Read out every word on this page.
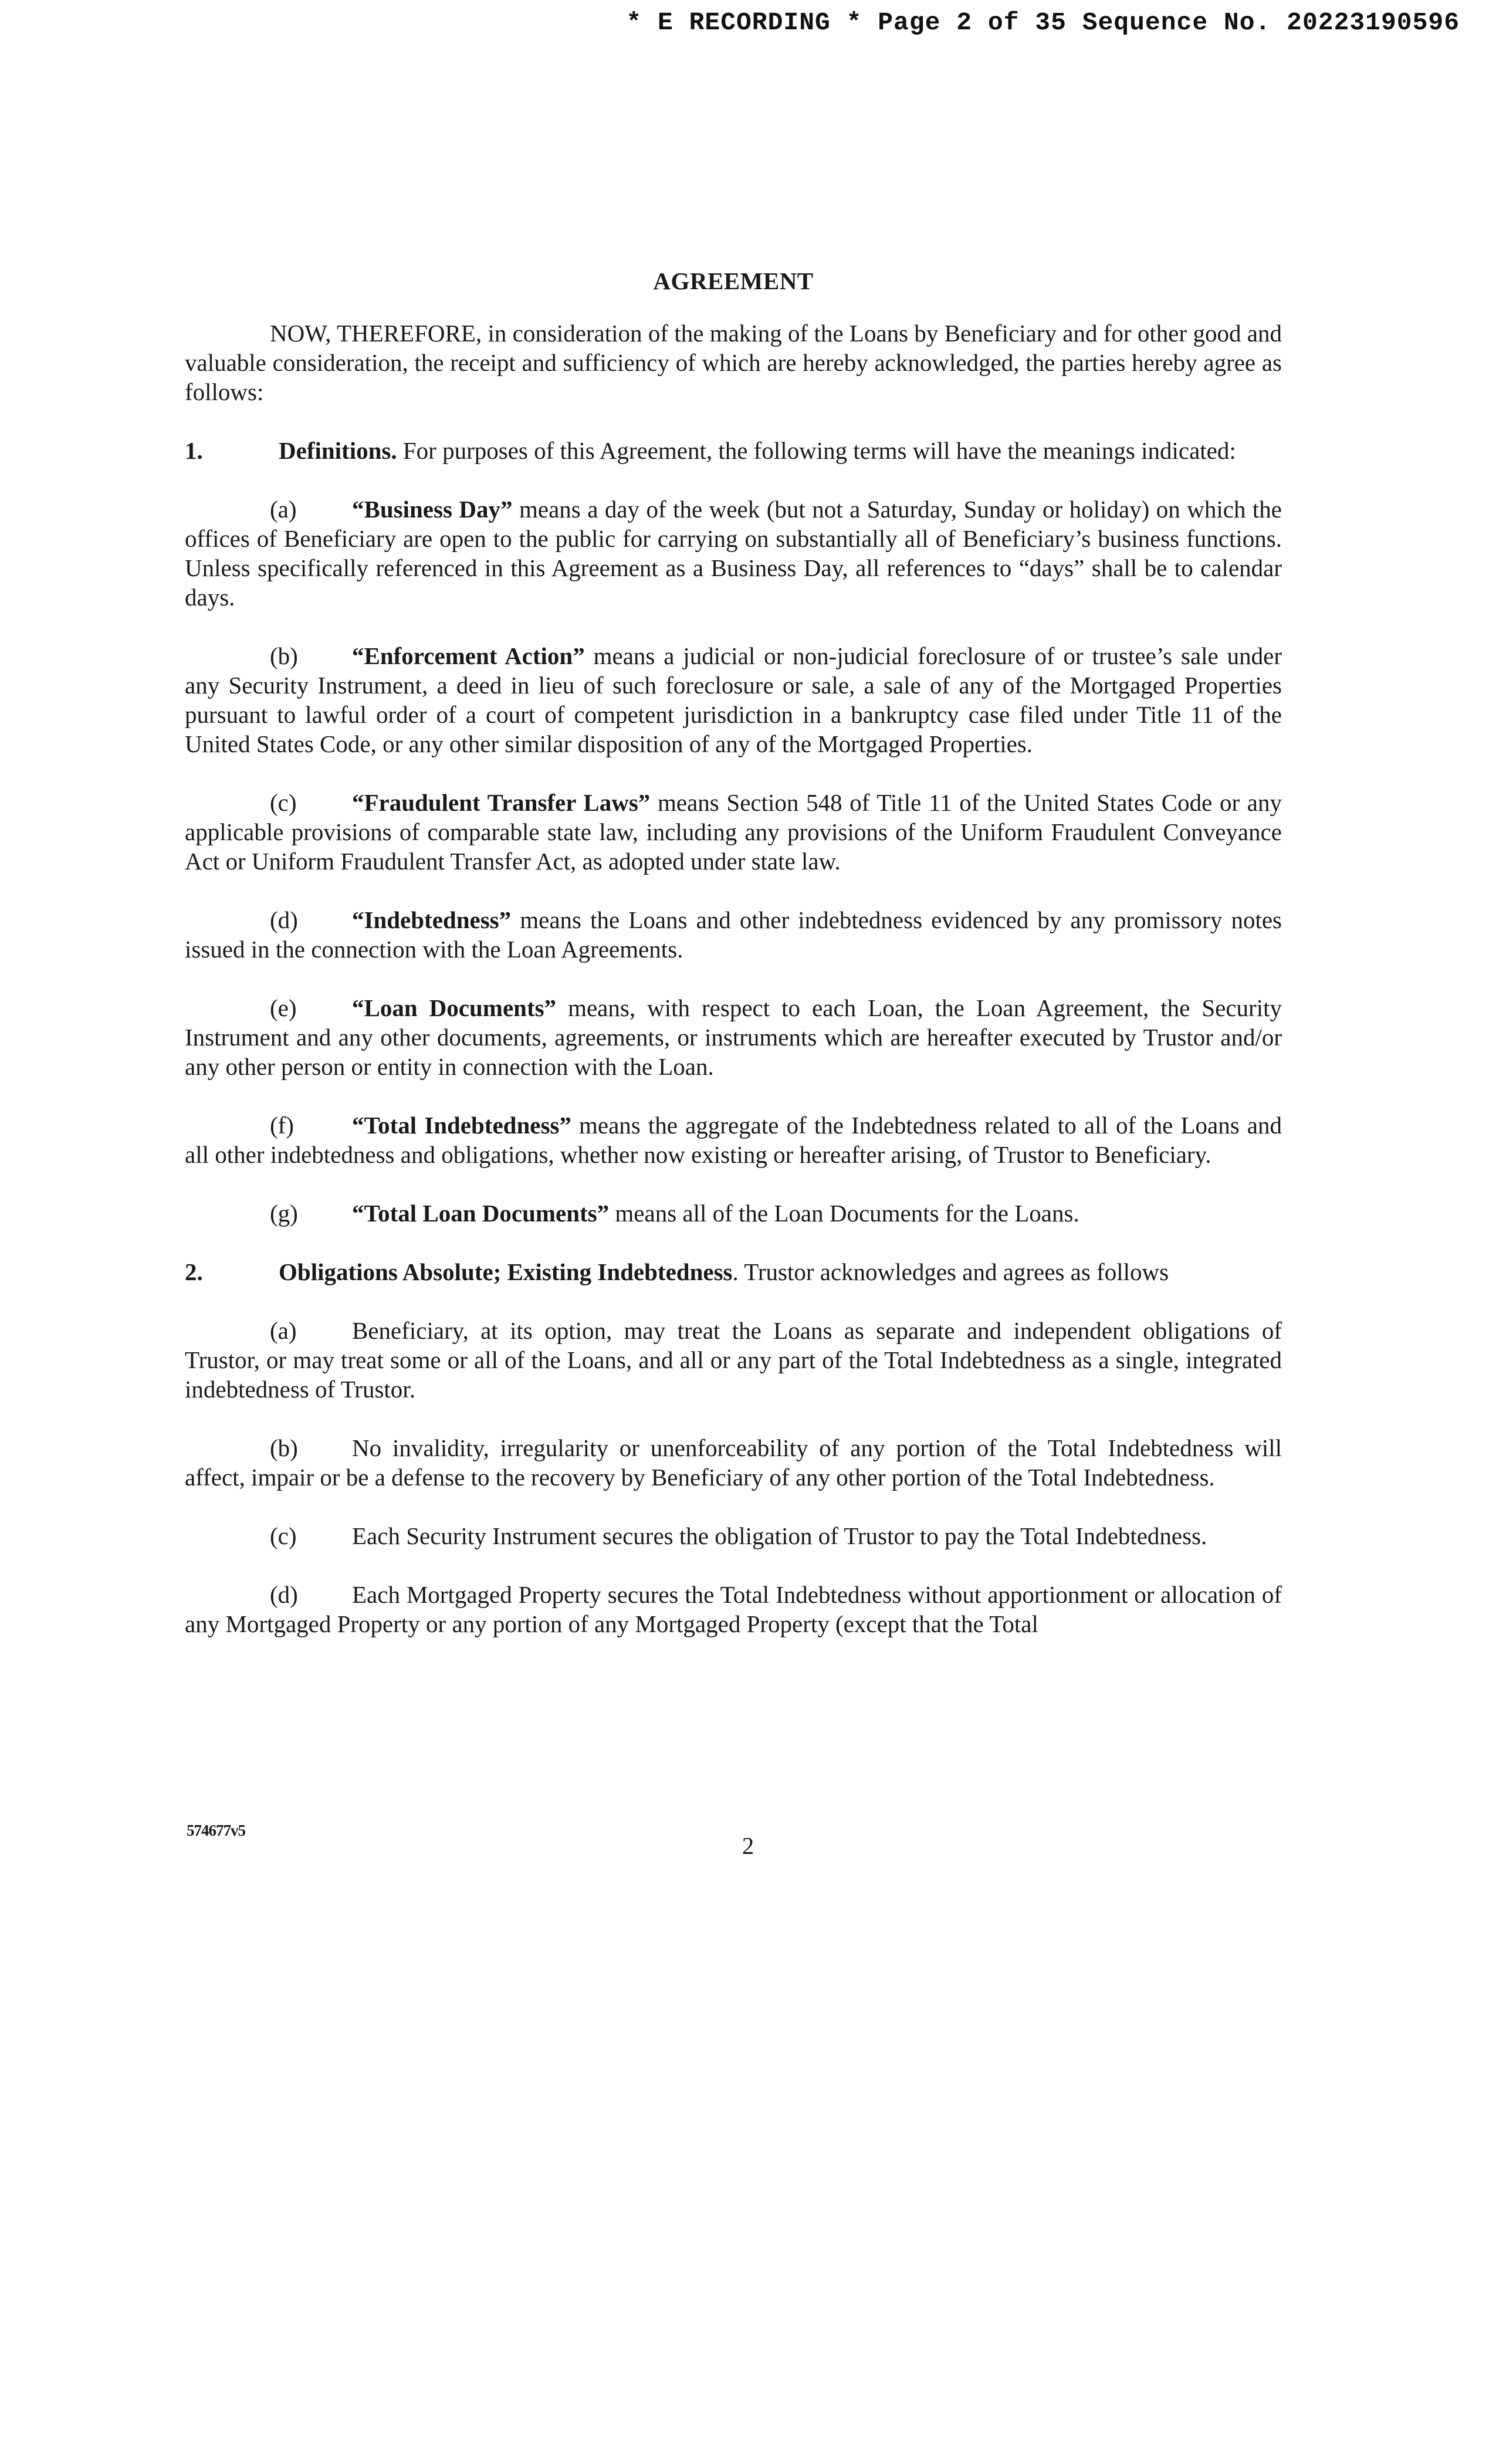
* E RECORDING * Page 2 of 35 Sequence No. 20223190596
AGREEMENT

NOW, THEREFORE, in consideration of the making of the Loans by Beneficiary and for other good and valuable consideration, the receipt and sufficiency of which are hereby acknowledged, the parties hereby agree as follows:

1.	Definitions. For purposes of this Agreement, the following terms will have the meanings indicated:

(a) “Business Day” means a day of the week (but not a Saturday, Sunday or holiday) on which the offices of Beneficiary are open to the public for carrying on substantially all of Beneficiary’s business functions. Unless specifically referenced in this Agreement as a Business Day, all references to “days” shall be to calendar days.

(b) “Enforcement Action” means a judicial or non-judicial foreclosure of or trustee’s sale under any Security Instrument, a deed in lieu of such foreclosure or sale, a sale of any of the Mortgaged Properties pursuant to lawful order of a court of competent jurisdiction in a bankruptcy case filed under Title 11 of the United States Code, or any other similar disposition of any of the Mortgaged Properties.

(c) “Fraudulent Transfer Laws” means Section 548 of Title 11 of the United States Code or any applicable provisions of comparable state law, including any provisions of the Uniform Fraudulent Conveyance Act or Uniform Fraudulent Transfer Act, as adopted under state law.

(d) “Indebtedness” means the Loans and other indebtedness evidenced by any promissory notes issued in the connection with the Loan Agreements.

(e) “Loan Documents” means, with respect to each Loan, the Loan Agreement, the Security Instrument and any other documents, agreements, or instruments which are hereafter executed by Trustor and/or any other person or entity in connection with the Loan.

(f) “Total Indebtedness” means the aggregate of the Indebtedness related to all of the Loans and all other indebtedness and obligations, whether now existing or hereafter arising, of Trustor to Beneficiary.

(g) “Total Loan Documents” means all of the Loan Documents for the Loans.

2.	Obligations Absolute; Existing Indebtedness. Trustor acknowledges and agrees as follows

(a) Beneficiary, at its option, may treat the Loans as separate and independent obligations of Trustor, or may treat some or all of the Loans, and all or any part of the Total Indebtedness as a single, integrated indebtedness of Trustor.

(b) No invalidity, irregularity or unenforceability of any portion of the Total Indebtedness will affect, impair or be a defense to the recovery by Beneficiary of any other portion of the Total Indebtedness.

(c) Each Security Instrument secures the obligation of Trustor to pay the Total Indebtedness.

(d) Each Mortgaged Property secures the Total Indebtedness without apportionment or allocation of any Mortgaged Property or any portion of any Mortgaged Property (except that the Total

574677v5
2
